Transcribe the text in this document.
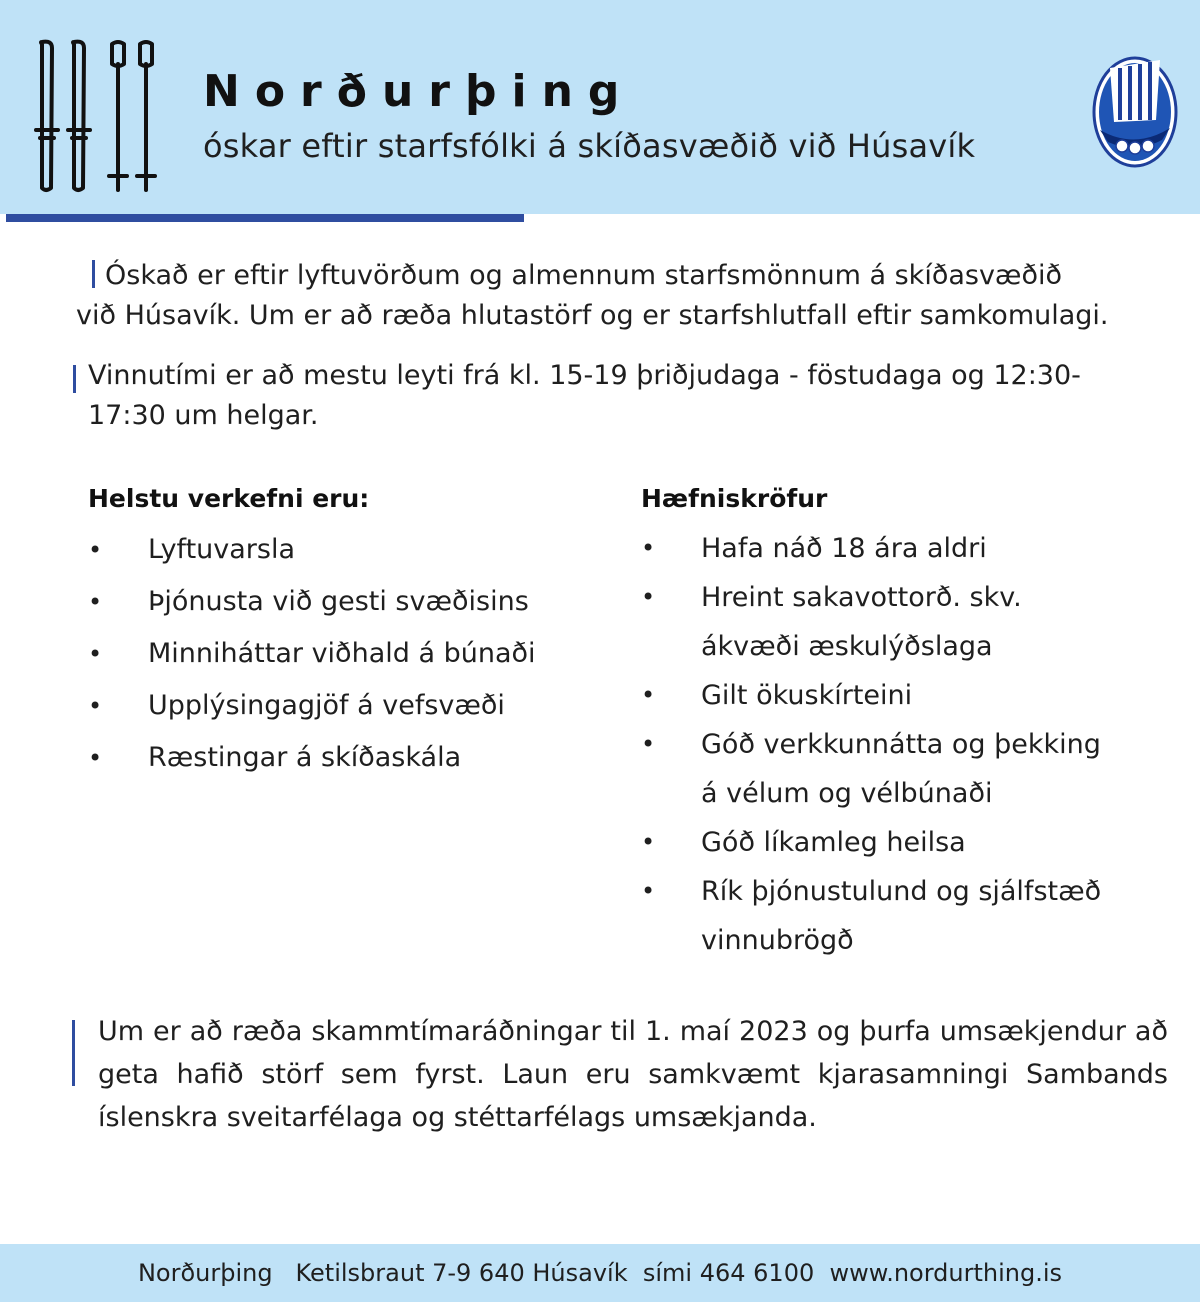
Norðurþing
óskar eftir starfsfólki á skíðasvæðið við Húsavík
Óskað er eftir lyftuvörðum og almennum starfsmönnum á skíðasvæðið
við Húsavík. Um er að ræða hlutastörf og er starfshlutfall eftir samkomulagi.
Vinnutími er að mestu leyti frá kl. 15-19 þriðjudaga - föstudaga og 12:30-
17:30 um helgar.
Helstu verkefni eru:
• Lyftuvarsla
• Þjónusta við gesti svæðisins
• Minniháttar viðhald á búnaði
• Upplýsingagjöf á vefsvæði
• Ræstingar á skíðaskála
Hæfniskröfur
• Hafa náð 18 ára aldri
• Hreint sakavottorð. skv.
ákvæði æskulýðslaga
• Gilt ökuskírteini
• Góð verkkunnátta og þekking
á vélum og vélbúnaði
• Góð líkamleg heilsa
• Rík þjónustulund og sjálfstæð
vinnubrögð
Um er að ræða skammtímaráðningar til 1. maí 2023 og þurfa umsækjendur að geta hafið störf sem fyrst. Laun eru samkvæmt kjarasamningi Sambands íslenskra sveitarfélaga og stéttarfélags umsækjanda.
Norðurþing Ketilsbraut 7-9 640 Húsavík sími 464 6100 www.nordurthing.is
